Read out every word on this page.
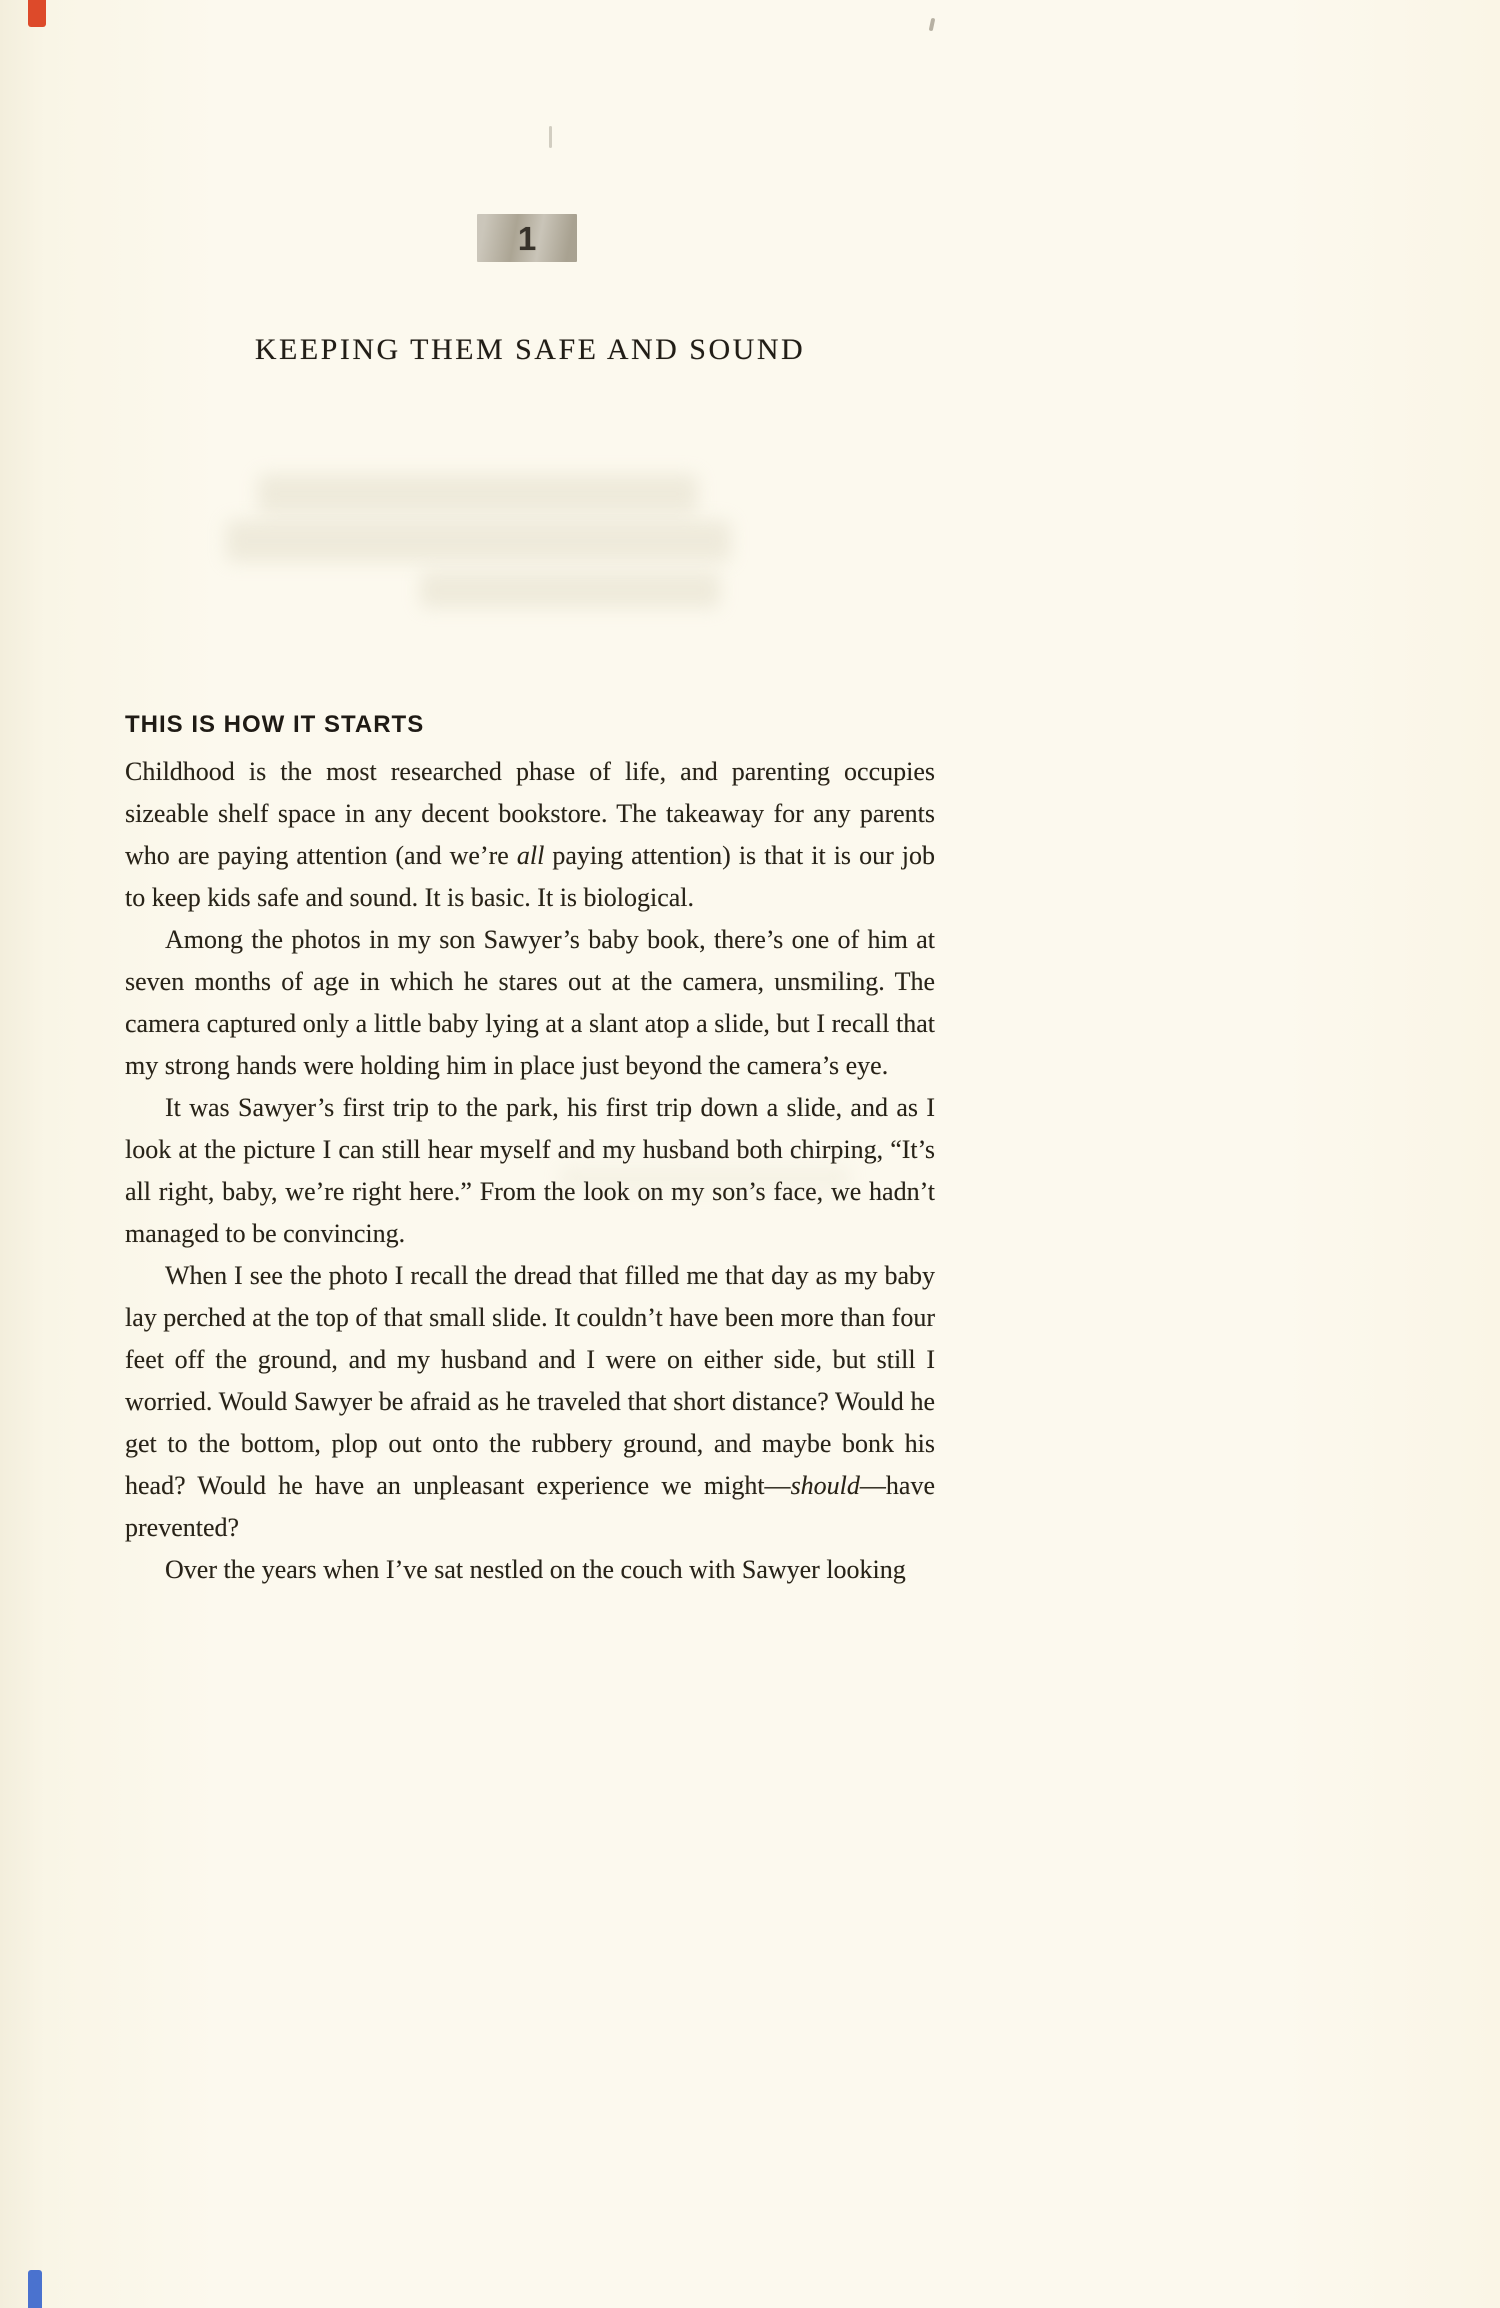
1
KEEPING THEM SAFE AND SOUND
THIS IS HOW IT STARTS

Childhood is the most researched phase of life, and parenting occupies sizeable shelf space in any decent bookstore. The takeaway for any parents who are paying attention (and we’re all paying attention) is that it is our job to keep kids safe and sound. It is basic. It is biological.

Among the photos in my son Sawyer’s baby book, there’s one of him at seven months of age in which he stares out at the camera, unsmiling. The camera captured only a little baby lying at a slant atop a slide, but I recall that my strong hands were holding him in place just beyond the camera’s eye.

It was Sawyer’s first trip to the park, his first trip down a slide, and as I look at the picture I can still hear myself and my husband both chirping, “It’s all right, baby, we’re right here.” From the look on my son’s face, we hadn’t managed to be convincing.

When I see the photo I recall the dread that filled me that day as my baby lay perched at the top of that small slide. It couldn’t have been more than four feet off the ground, and my husband and I were on either side, but still I worried. Would Sawyer be afraid as he traveled that short distance? Would he get to the bottom, plop out onto the rubbery ground, and maybe bonk his head? Would he have an unpleasant experience we might—should—have prevented?

Over the years when I’ve sat nestled on the couch with Sawyer looking
